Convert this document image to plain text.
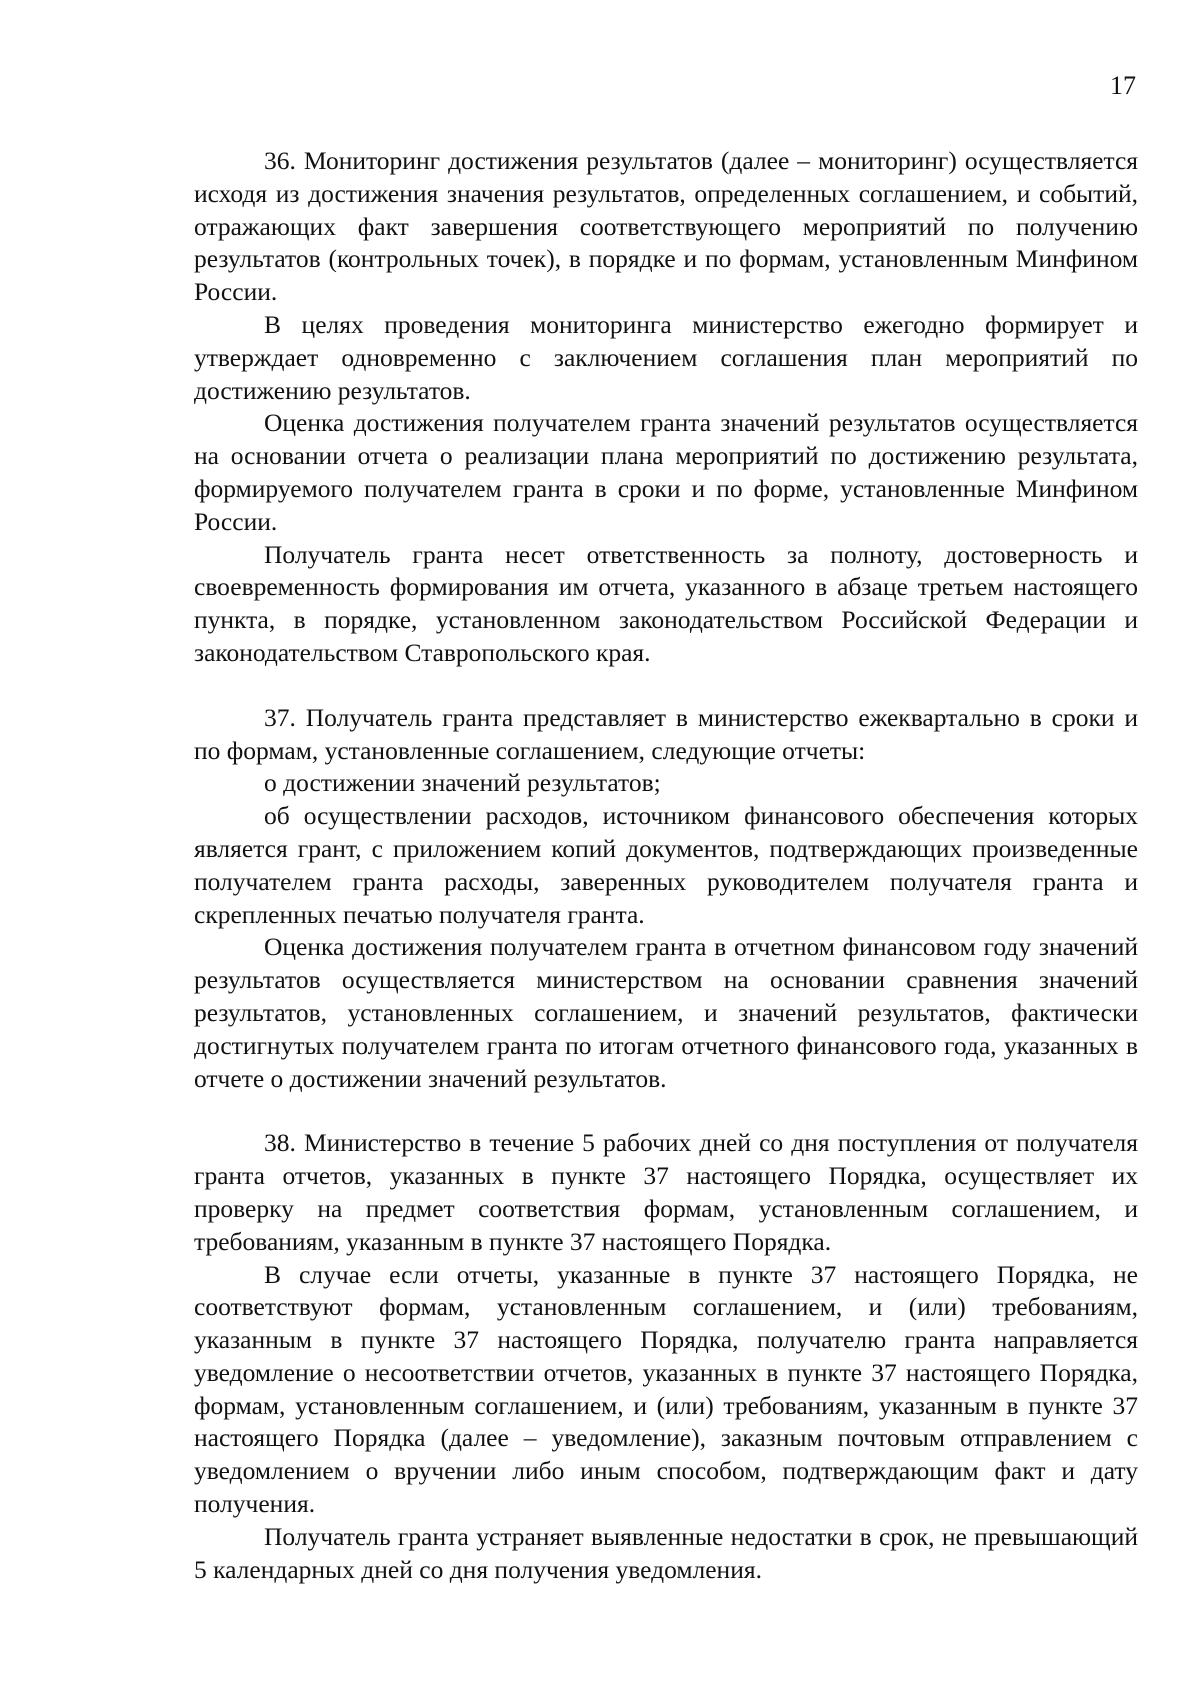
17

36. Мониторинг достижения результатов (далее – мониторинг) осуществляется исходя из достижения значения результатов, определенных соглашением, и событий, отражающих факт завершения соответствующего мероприятий по получению результатов (контрольных точек), в порядке и по формам, установленным Минфином России.

В целях проведения мониторинга министерство ежегодно формирует и утверждает одновременно с заключением соглашения план мероприятий по достижению результатов.

Оценка достижения получателем гранта значений результатов осуществляется на основании отчета о реализации плана мероприятий по достижению результата, формируемого получателем гранта в сроки и по форме, установленные Минфином России.

Получатель гранта несет ответственность за полноту, достоверность и своевременность формирования им отчета, указанного в абзаце третьем настоящего пункта, в порядке, установленном законодательством Российской Федерации и законодательством Ставропольского края.

37. Получатель гранта представляет в министерство ежеквартально в сроки и по формам, установленные соглашением, следующие отчеты:

о достижении значений результатов;

об осуществлении расходов, источником финансового обеспечения которых является грант, с приложением копий документов, подтверждающих произведенные получателем гранта расходы, заверенных руководителем получателя гранта и скрепленных печатью получателя гранта.

Оценка достижения получателем гранта в отчетном финансовом году значений результатов осуществляется министерством на основании сравнения значений результатов, установленных соглашением, и значений результатов, фактически достигнутых получателем гранта по итогам отчетного финансового года, указанных в отчете о достижении значений результатов.

38. Министерство в течение 5 рабочих дней со дня поступления от получателя гранта отчетов, указанных в пункте 37 настоящего Порядка, осуществляет их проверку на предмет соответствия формам, установленным соглашением, и требованиям, указанным в пункте 37 настоящего Порядка.

В случае если отчеты, указанные в пункте 37 настоящего Порядка, не соответствуют формам, установленным соглашением, и (или) требованиям, указанным в пункте 37 настоящего Порядка, получателю гранта направляется уведомление о несоответствии отчетов, указанных в пункте 37 настоящего Порядка, формам, установленным соглашением, и (или) требованиям, указанным в пункте 37 настоящего Порядка (далее – уведомление), заказным почтовым отправлением с уведомлением о вручении либо иным способом, подтверждающим факт и дату получения.

Получатель гранта устраняет выявленные недостатки в срок, не превышающий 5 календарных дней со дня получения уведомления.
